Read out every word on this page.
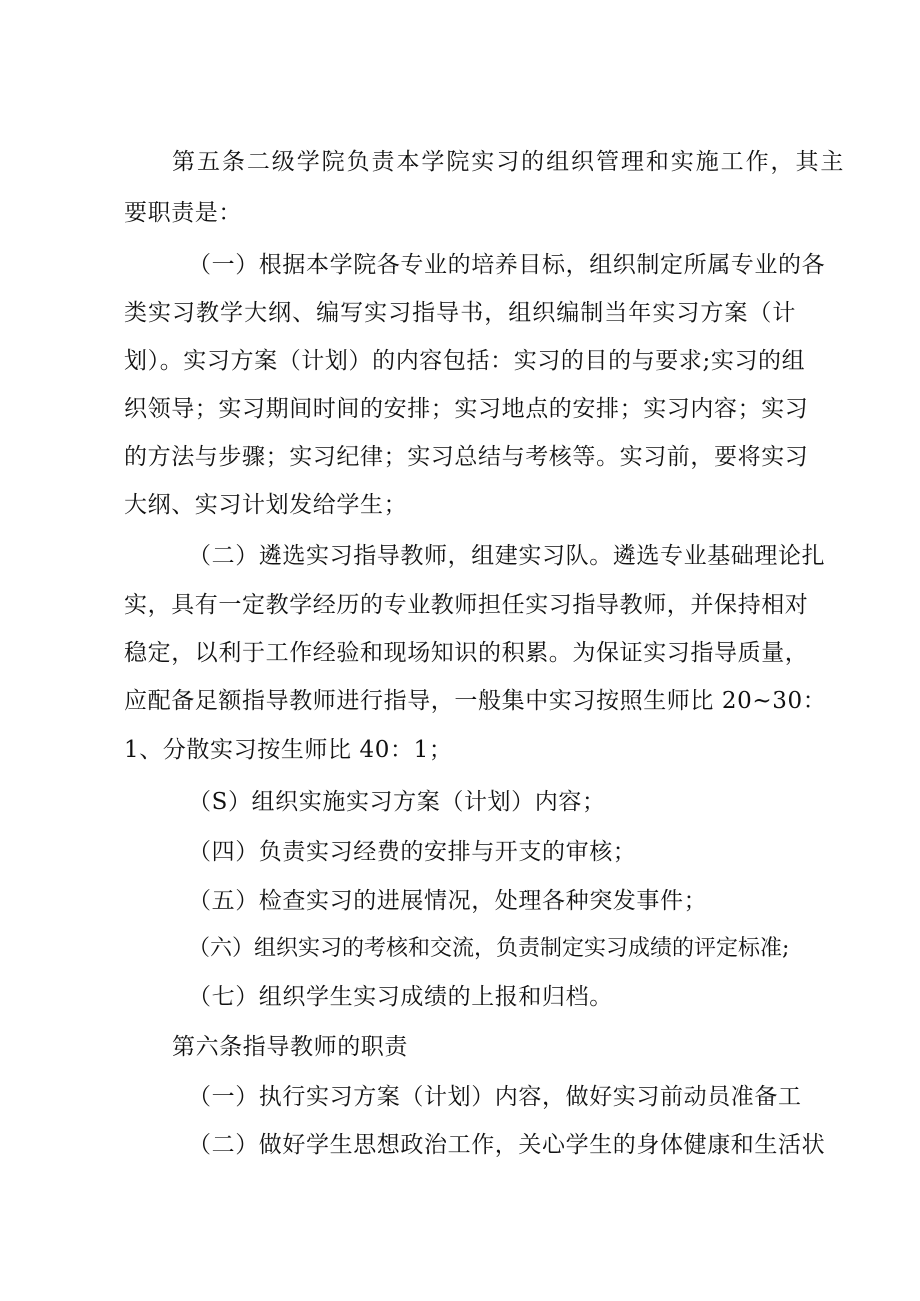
第五条二级学院负责本学院实习的组织管理和实施工作，其主
要职责是：
（一）根据本学院各专业的培养目标，组织制定所属专业的各
类实习教学大纲、编写实习指导书，组织编制当年实习方案（计
划）。实习方案（计划）的内容包括：实习的目的与要求;实习的组
织领导；实习期间时间的安排；实习地点的安排；实习内容；实习
的方法与步骤；实习纪律；实习总结与考核等。实习前，要将实习
大纲、实习计划发给学生；
（二）遴选实习指导教师，组建实习队。遴选专业基础理论扎
实，具有一定教学经历的专业教师担任实习指导教师，并保持相对
稳定，以利于工作经验和现场知识的积累。为保证实习指导质量，
应配备足额指导教师进行指导，一般集中实习按照生师比 20~30：
1、分散实习按生师比 40：1；
（S）组织实施实习方案（计划）内容；
（四）负责实习经费的安排与开支的审核；
（五）检查实习的进展情况，处理各种突发事件；
（六）组织实习的考核和交流，负责制定实习成绩的评定标准;
（七）组织学生实习成绩的上报和归档。
第六条指导教师的职责
（一）执行实习方案（计划）内容，做好实习前动员准备工
（二）做好学生思想政治工作，关心学生的身体健康和生活状
